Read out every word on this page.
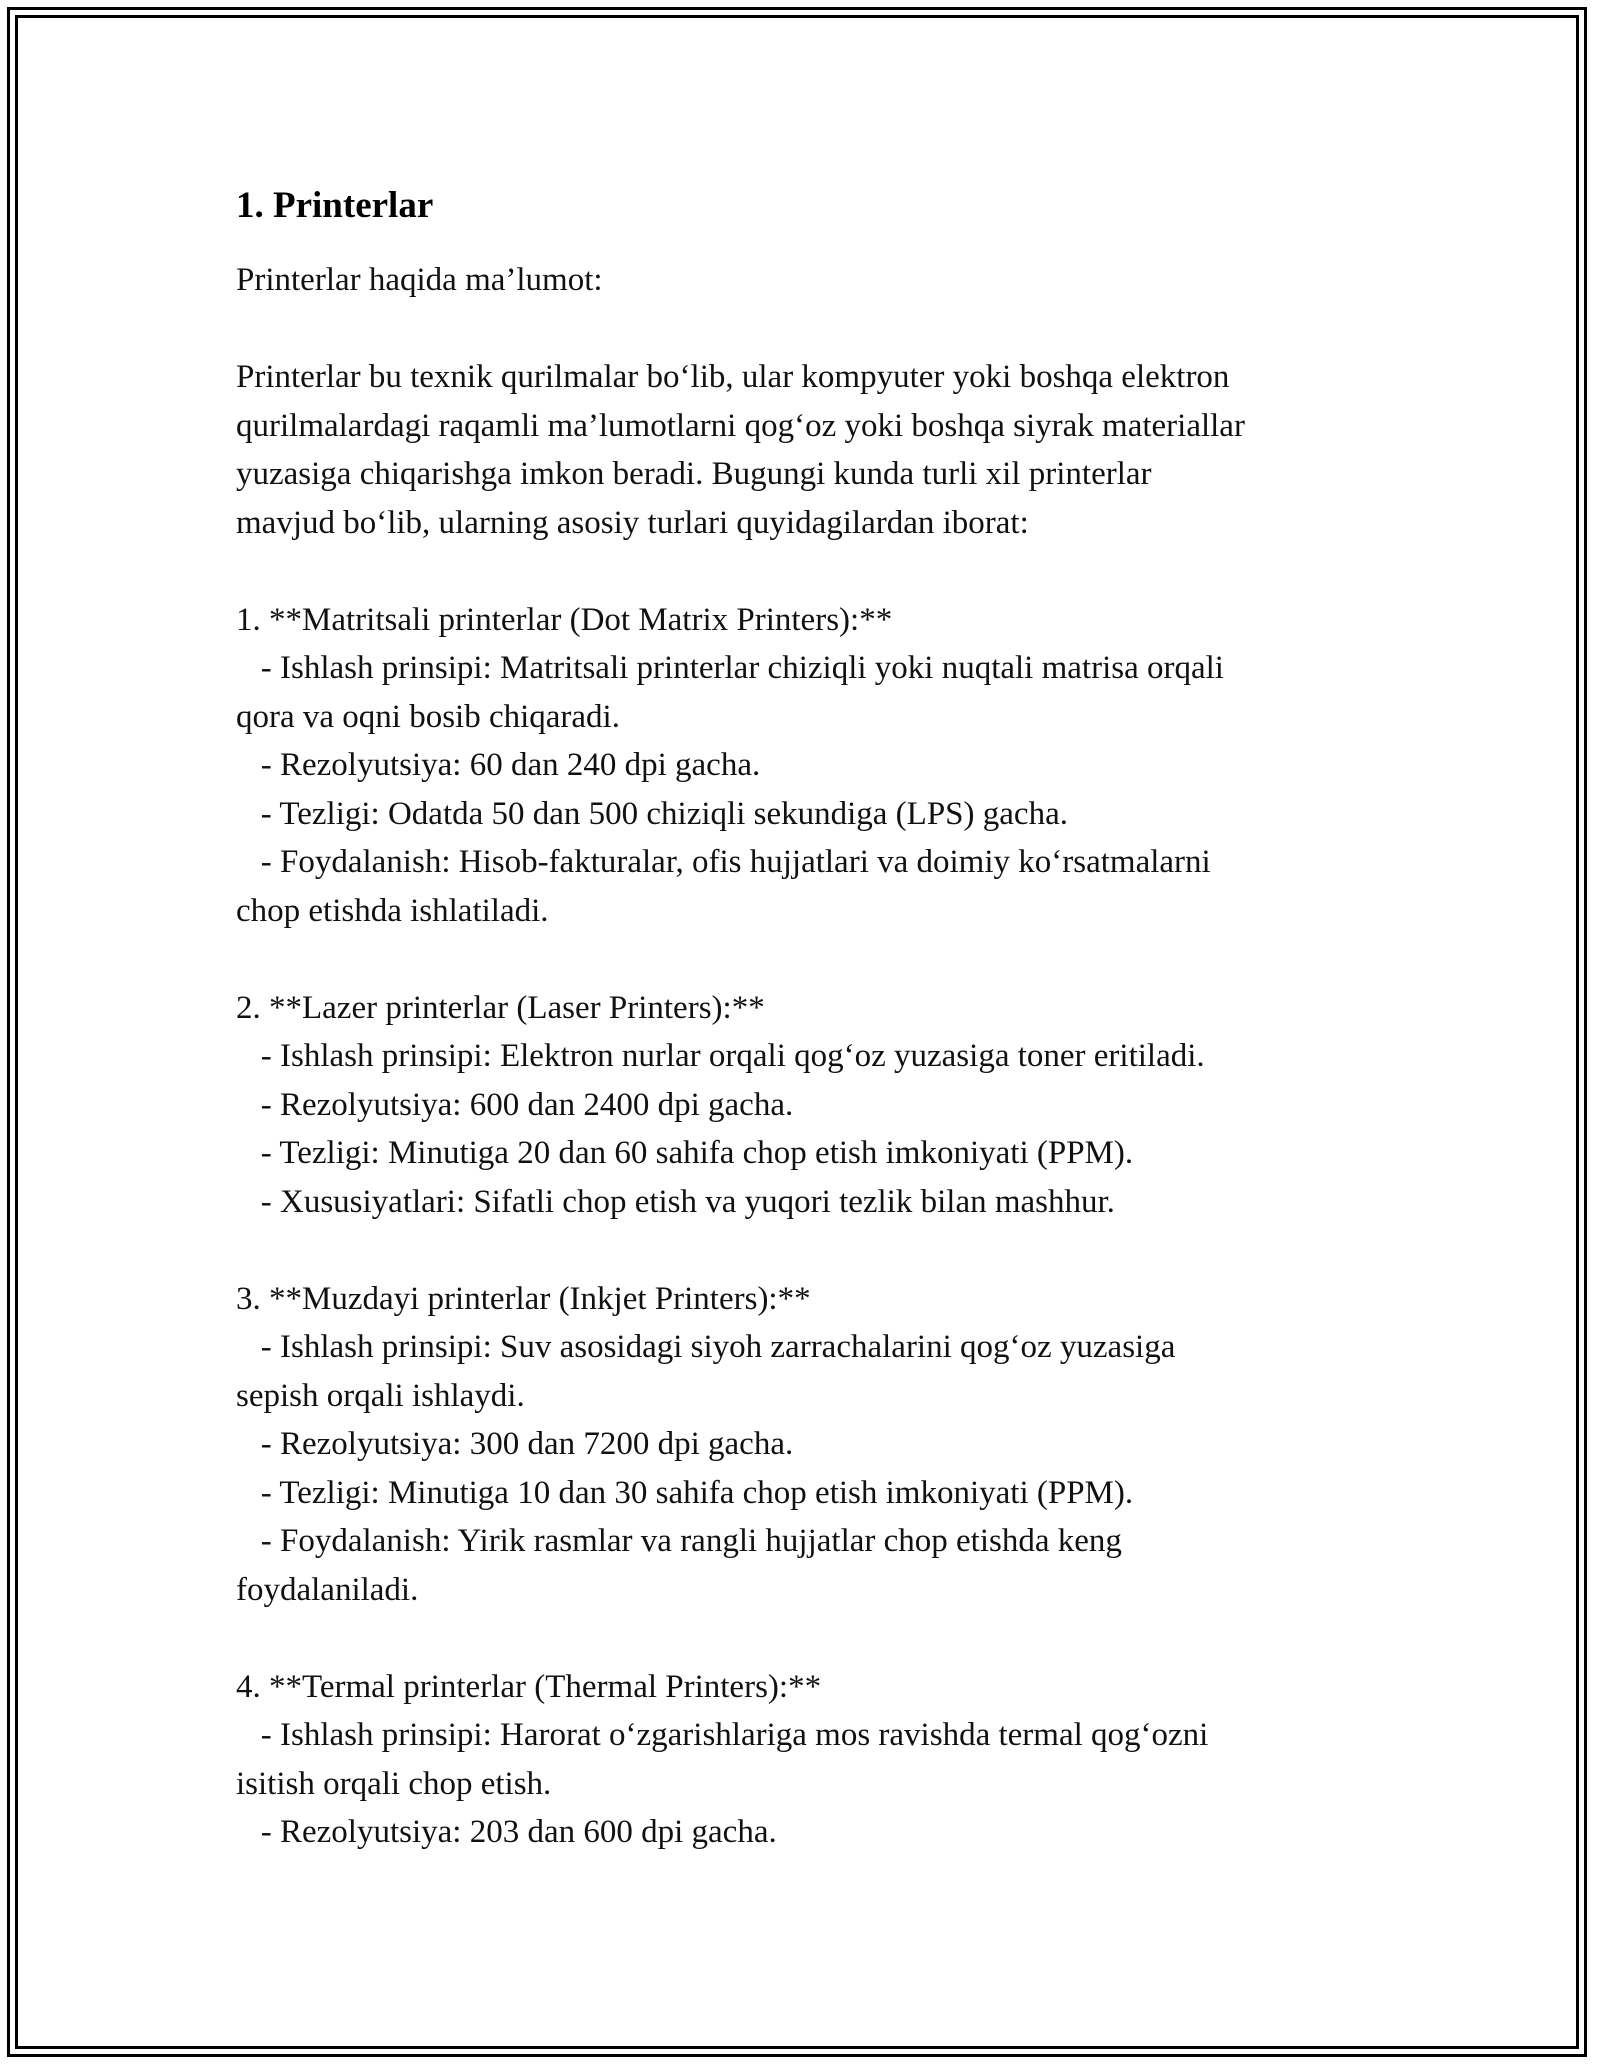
1. Printerlar

Printerlar haqida ma’lumot:

Printerlar bu texnik qurilmalar bo‘lib, ular kompyuter yoki boshqa elektron

qurilmalardagi raqamli ma’lumotlarni qog‘oz yoki boshqa siyrak materiallar

yuzasiga chiqarishga imkon beradi. Bugungi kunda turli xil printerlar

mavjud bo‘lib, ularning asosiy turlari quyidagilardan iborat:

1. **Matritsali printerlar (Dot Matrix Printers):**

- Ishlash prinsipi: Matritsali printerlar chiziqli yoki nuqtali matrisa orqali

qora va oqni bosib chiqaradi.

- Rezolyutsiya: 60 dan 240 dpi gacha.

- Tezligi: Odatda 50 dan 500 chiziqli sekundiga (LPS) gacha.

- Foydalanish: Hisob-fakturalar, ofis hujjatlari va doimiy ko‘rsatmalarni

chop etishda ishlatiladi.

2. **Lazer printerlar (Laser Printers):**

- Ishlash prinsipi: Elektron nurlar orqali qog‘oz yuzasiga toner eritiladi.

- Rezolyutsiya: 600 dan 2400 dpi gacha.

- Tezligi: Minutiga 20 dan 60 sahifa chop etish imkoniyati (PPM).

- Xususiyatlari: Sifatli chop etish va yuqori tezlik bilan mashhur.

3. **Muzdayi printerlar (Inkjet Printers):**

- Ishlash prinsipi: Suv asosidagi siyoh zarrachalarini qog‘oz yuzasiga

sepish orqali ishlaydi.

- Rezolyutsiya: 300 dan 7200 dpi gacha.

- Tezligi: Minutiga 10 dan 30 sahifa chop etish imkoniyati (PPM).

- Foydalanish: Yirik rasmlar va rangli hujjatlar chop etishda keng

foydalaniladi.

4. **Termal printerlar (Thermal Printers):**

- Ishlash prinsipi: Harorat o‘zgarishlariga mos ravishda termal qog‘ozni

isitish orqali chop etish.

- Rezolyutsiya: 203 dan 600 dpi gacha.
